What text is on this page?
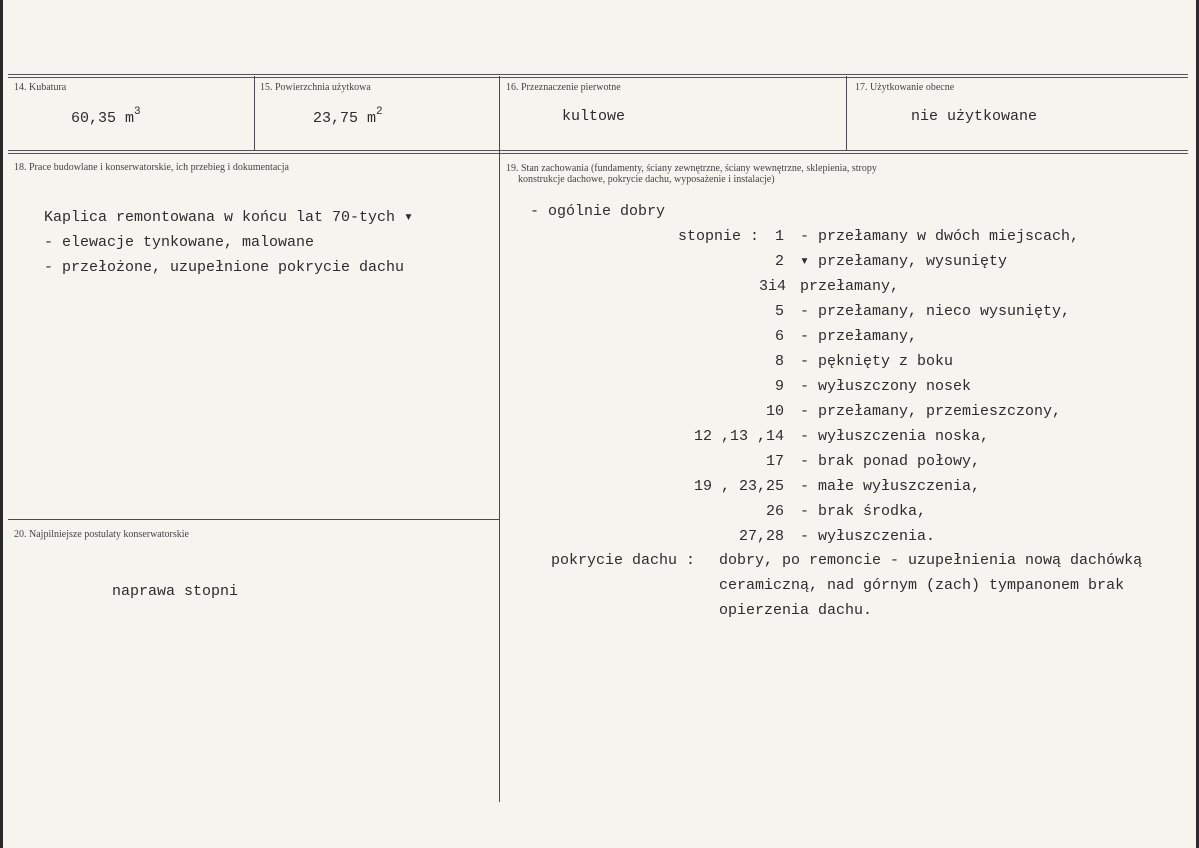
14. Kubatura
60,35 $m^3$
15. Powierzchnia użytkowa
23,75 $m^2$
16. Przeznaczenie pierwotne
kultowe
17. Użytkowanie obecne
nie użytkowane
18. Prace budowlane i konserwatorskie, ich przebieg i dokumentacja
Kaplica remontowana w końcu lat 70-tych ▾
- elewacje tynkowane, malowane
- przełożone, uzupełnione pokrycie dachu
20. Najpilniejsze postulaty konserwatorskie
naprawa stopni
19. Stan zachowania (fundamenty, ściany zewnętrzne, ściany wewnętrzne, sklepienia, stropy
konstrukcje dachowe, pokrycie dachu, wyposażenie i instalacje)
- ogólnie dobry
stopnie : 1 - przełamany w dwóch miejscach,
2 ▾ przełamany, wysunięty
3i4 przełamany,
5 - przełamany, nieco wysunięty,
6 - przełamany,
8 - pęknięty z boku
9 - wyłuszczony nosek
10 - przełamany, przemieszczony,
12 ,13 ,14 - wyłuszczenia noska,
17 - brak ponad połowy,
19 , 23,25 - małe wyłuszczenia,
26 - brak środka,
27,28 - wyłuszczenia.
pokrycie dachu : dobry, po remoncie - uzupełnienia nową dachówką
ceramiczną, nad górnym (zach) tympanonem brak
opierzenia dachu.
